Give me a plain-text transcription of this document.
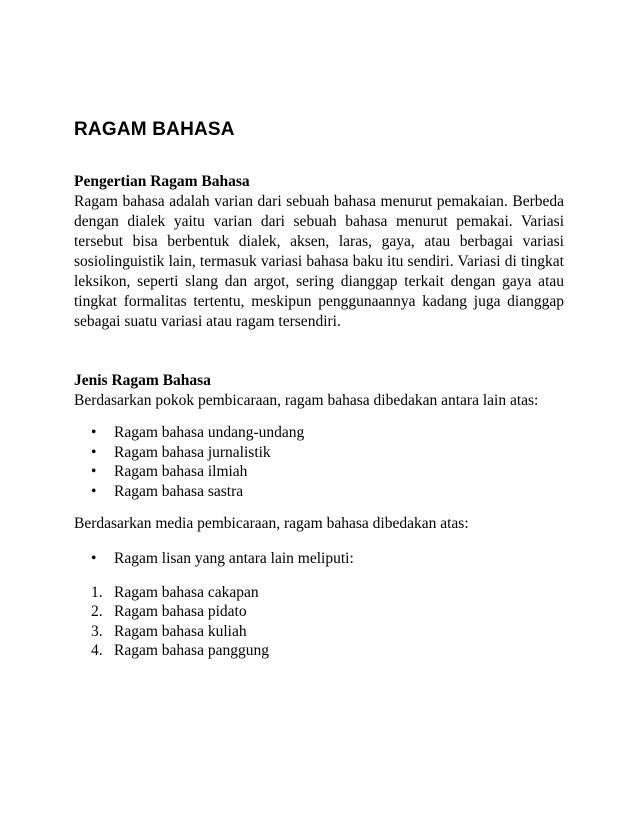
RAGAM BAHASA

Pengertian Ragam Bahasa

Ragam bahasa adalah varian dari sebuah bahasa menurut pemakaian. Berbeda dengan dialek yaitu varian dari sebuah bahasa menurut pemakai. Variasi tersebut bisa berbentuk dialek, aksen, laras, gaya, atau berbagai variasi sosiolinguistik lain, termasuk variasi bahasa baku itu sendiri. Variasi di tingkat leksikon, seperti slang dan argot, sering dianggap terkait dengan gaya atau tingkat formalitas tertentu, meskipun penggunaannya kadang juga dianggap sebagai suatu variasi atau ragam tersendiri.

Jenis Ragam Bahasa

Berdasarkan pokok pembicaraan, ragam bahasa dibedakan antara lain atas:

• Ragam bahasa undang-undang
• Ragam bahasa jurnalistik
• Ragam bahasa ilmiah
• Ragam bahasa sastra

Berdasarkan media pembicaraan, ragam bahasa dibedakan atas:

• Ragam lisan yang antara lain meliputi:
1. Ragam bahasa cakapan
2. Ragam bahasa pidato
3. Ragam bahasa kuliah
4. Ragam bahasa panggung
